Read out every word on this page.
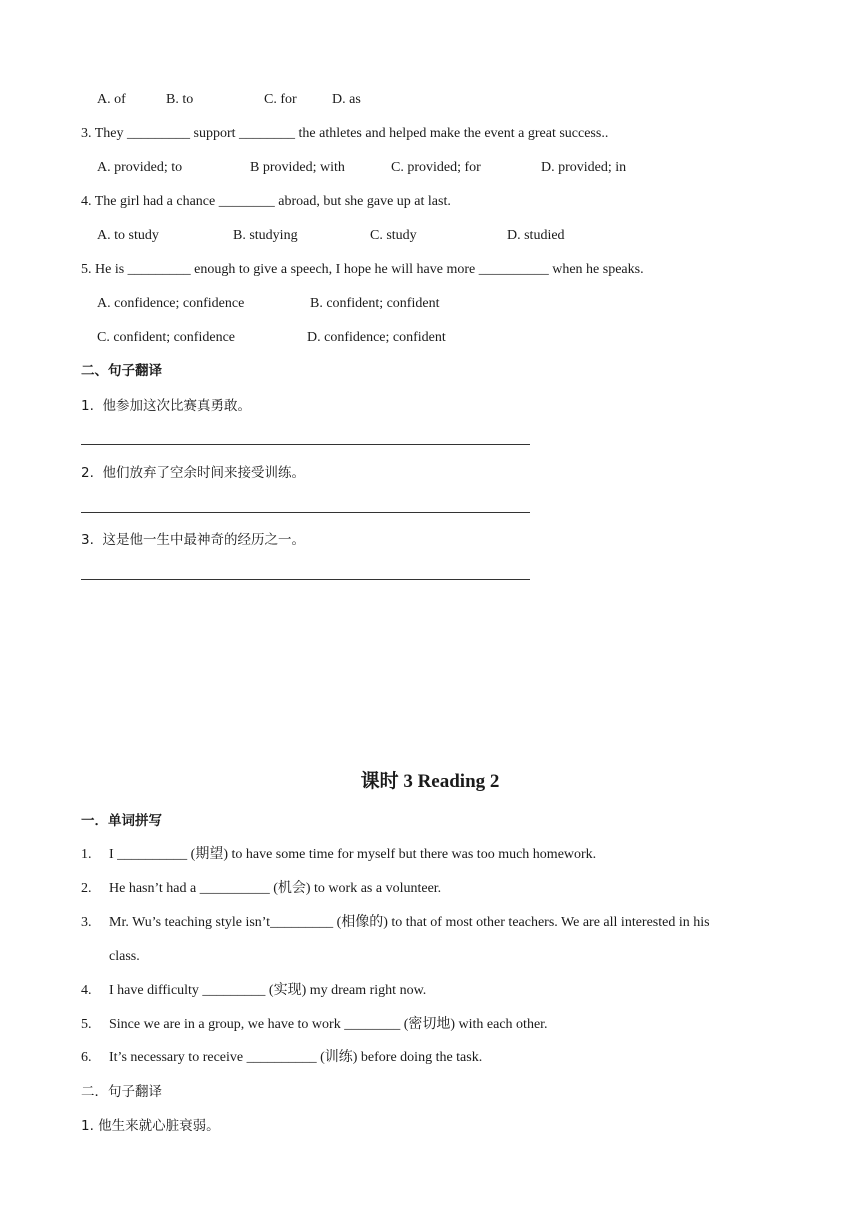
A. of	B. to	C. for	D. as
3. They _________ support ________ the athletes and helped make the event a great success..
A. provided; to	B provided; with	C. provided; for	D. provided; in
4. The girl had a chance ________ abroad, but she gave up at last.
A. to study	B. studying	C. study	D. studied
5. He is _________ enough to give a speech, I hope he will have more __________ when he speaks.
A. confidence; confidence	B. confident; confident
C. confident; confidence	D. confidence; confident
二、句子翻译
1. 他参加这次比赛真勇敢。
2. 他们放弃了空余时间来接受训练。
3. 这是他一生中最神奇的经历之一。
课时 3 Reading 2
一．单词拼写
1. I __________ (期望) to have some time for myself but there was too much homework.
2. He hasn’t had a __________ (机会) to work as a volunteer.
3. Mr. Wu’s teaching style isn’t_________ (相像的) to that of most other teachers. We are all interested in his
class.
4. I have difficulty _________ (实现) my dream right now.
5. Since we are in a group, we have to work ________ (密切地) with each other.
6. It’s necessary to receive __________ (训练) before doing the task.
二．句子翻译
1. 他生来就心脏衰弱。
